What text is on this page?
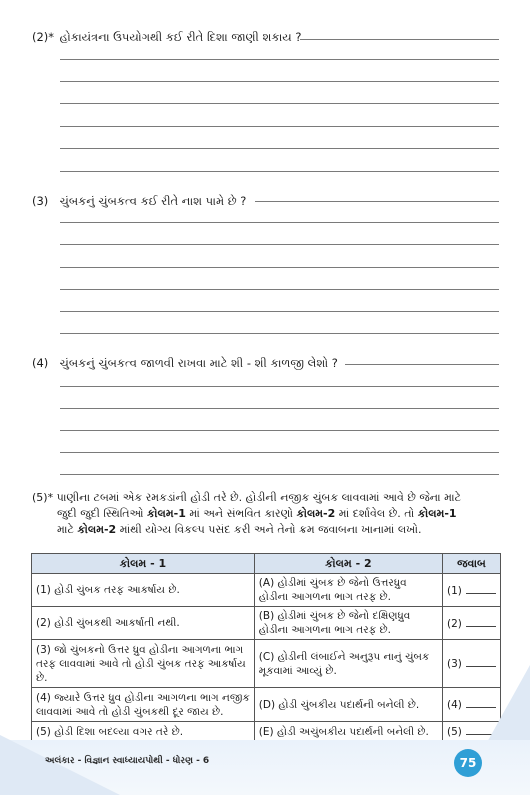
(2)* હોકાયંત્રના ઉપયોગથી કઈ રીતે દિશા જાણી શકાય ?
(3) ચુંબકનું ચુંબકત્વ કઈ રીતે નાશ પામે છે ?
(4) ચુંબકનું ચુંબકત્વ જાળવી રાખવા માટે શી - શી કાળજી લેશો ?
(5)* પાણીના ટબમાં એક રમકડાંની હોડી તરે છે. હોડીની નજીક ચુંબક લાવવામાં આવે છે જેના માટે
જુદી જુદી સ્થિતિઓ કોલમ-1 માં અને સંભવિત કારણો કોલમ-2 માં દર્શાવેલ છે. તો કોલમ-1
માટે કોલમ-2 માંથી યોગ્ય વિકલ્પ પસંદ કરી અને તેનો ક્રમ જવાબના ખાનામાં લખો.
કોલમ - 1	કોલમ - 2	જવાબ
(1) હોડી ચુંબક તરફ આકર્ષાય છે.	(A) હોડીમાં ચુંબક છે જેનો ઉત્તરધ્રુવ હોડીના આગળના ભાગ તરફ છે.	(1)
(2) હોડી ચુંબકથી આકર્ષાતી નથી.	(B) હોડીમાં ચુંબક છે જેનો દક્ષિણધ્રુવ હોડીના આગળના ભાગ તરફ છે.	(2)
(3) જો ચુંબકનો ઉત્તર ધ્રુવ હોડીના આગળના ભાગ તરફ લાવવામાં આવે તો હોડી ચુંબક તરફ આકર્ષાય છે.	(C) હોડીની લંબાઈને અનુરૂપ નાનું ચુંબક મૂકવામાં આવ્યું છે.	(3)
(4) જ્યારે ઉત્તર ધ્રુવ હોડીના આગળના ભાગ નજીક લાવવામાં આવે તો હોડી ચુંબકથી દૂર જાય છે.	(D) હોડી ચુંબકીય પદાર્થની બનેલી છે.	(4)
(5) હોડી દિશા બદલ્યા વગર તરે છે.	(E) હોડી અચુંબકીય પદાર્થની બનેલી છે.	(5)
અલંકાર - વિજ્ઞાન સ્વાધ્યાયપોથી - ધોરણ - 6	75
